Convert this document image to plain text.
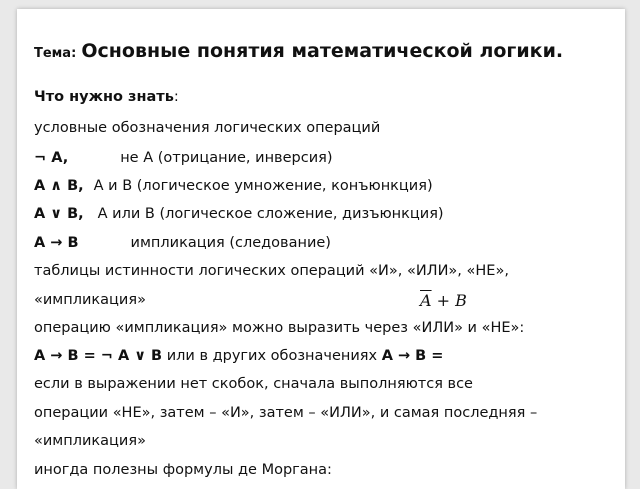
Тема: Основные понятия математической логики.
Что нужно знать:
условные обозначения логических операций
¬ A,	не A (отрицание, инверсия)
A ∧ B, A и B (логическое умножение, конъюнкция)
A ∨ B, A или B (логическое сложение, дизъюнкция)
A → B	импликация (следование)
таблицы истинности логических операций «И», «ИЛИ», «НЕ»,
«импликация»	$\overline{A} + B$
операцию «импликация» можно выразить через «ИЛИ» и «НЕ»:
A → B = ¬ A ∨ B или в других обозначениях A → B =
если в выражении нет скобок, сначала выполняются все
операции «НЕ», затем – «И», затем – «ИЛИ», и самая последняя –
«импликация»
иногда полезны формулы де Моргана:
